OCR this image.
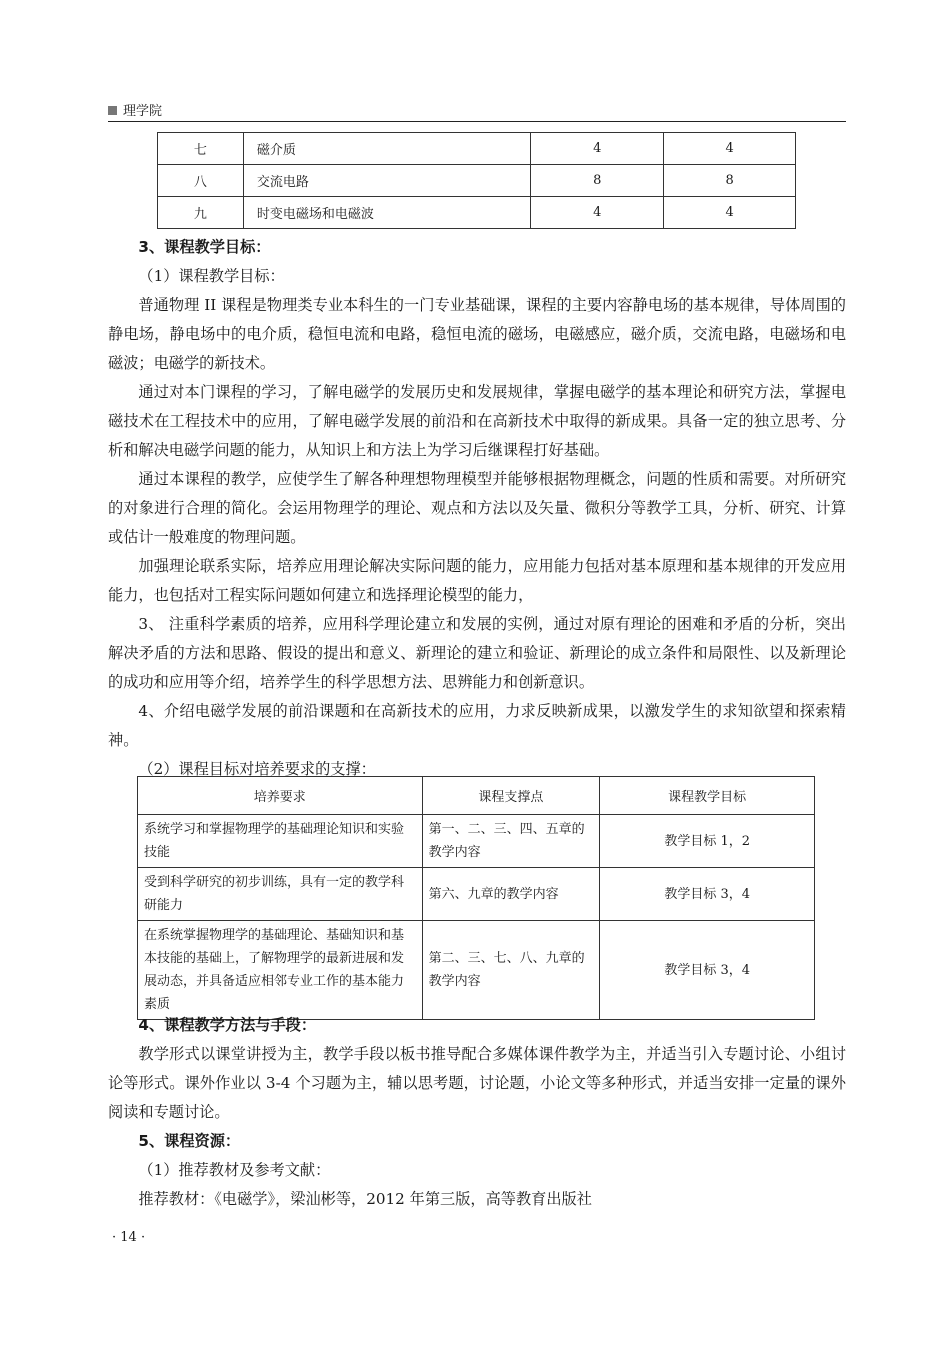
理学院
七	磁介质	4	4
八	交流电路	8	8
九	时变电磁场和电磁波	4	4

3、课程教学目标：

（1）课程教学目标：

普通物理 II 课程是物理类专业本科生的一门专业基础课，课程的主要内容静电场的基本规律，导体周围的静电场，静电场中的电介质，稳恒电流和电路，稳恒电流的磁场，电磁感应，磁介质，交流电路，电磁场和电磁波；电磁学的新技术。

通过对本门课程的学习，了解电磁学的发展历史和发展规律，掌握电磁学的基本理论和研究方法，掌握电磁技术在工程技术中的应用，了解电磁学发展的前沿和在高新技术中取得的新成果。具备一定的独立思考、分析和解决电磁学问题的能力，从知识上和方法上为学习后继课程打好基础。

通过本课程的教学，应使学生了解各种理想物理模型并能够根据物理概念，问题的性质和需要。对所研究的对象进行合理的简化。会运用物理学的理论、观点和方法以及矢量、微积分等教学工具，分析、研究、计算或估计一般难度的物理问题。

加强理论联系实际，培养应用理论解决实际问题的能力，应用能力包括对基本原理和基本规律的开发应用能力，也包括对工程实际问题如何建立和选择理论模型的能力，

3、 注重科学素质的培养，应用科学理论建立和发展的实例，通过对原有理论的困难和矛盾的分析，突出解决矛盾的方法和思路、假设的提出和意义、新理论的建立和验证、新理论的成立条件和局限性、以及新理论的成功和应用等介绍，培养学生的科学思想方法、思辨能力和创新意识。

4、介绍电磁学发展的前沿课题和在高新技术的应用，力求反映新成果，以激发学生的求知欲望和探索精神。

（2）课程目标对培养要求的支撑：

培养要求	课程支撑点	课程教学目标
系统学习和掌握物理学的基础理论知识和实验技能	第一、二、三、四、五章的教学内容	教学目标 1，2
受到科学研究的初步训练，具有一定的教学科研能力	第六、九章的教学内容	教学目标 3，4
在系统掌握物理学的基础理论、基础知识和基本技能的基础上，了解物理学的最新进展和发展动态，并具备适应相邻专业工作的基本能力素质	第二、三、七、八、九章的教学内容	教学目标 3，4

4、课程教学方法与手段：

教学形式以课堂讲授为主，教学手段以板书推导配合多媒体课件教学为主，并适当引入专题讨论、小组讨论等形式。课外作业以 3-4 个习题为主，辅以思考题，讨论题，小论文等多种形式，并适当安排一定量的课外阅读和专题讨论。

5、课程资源：

（1）推荐教材及参考文献：

推荐教材：《电磁学》，梁汕彬等，2012 年第三版，高等教育出版社

· 14 ·
